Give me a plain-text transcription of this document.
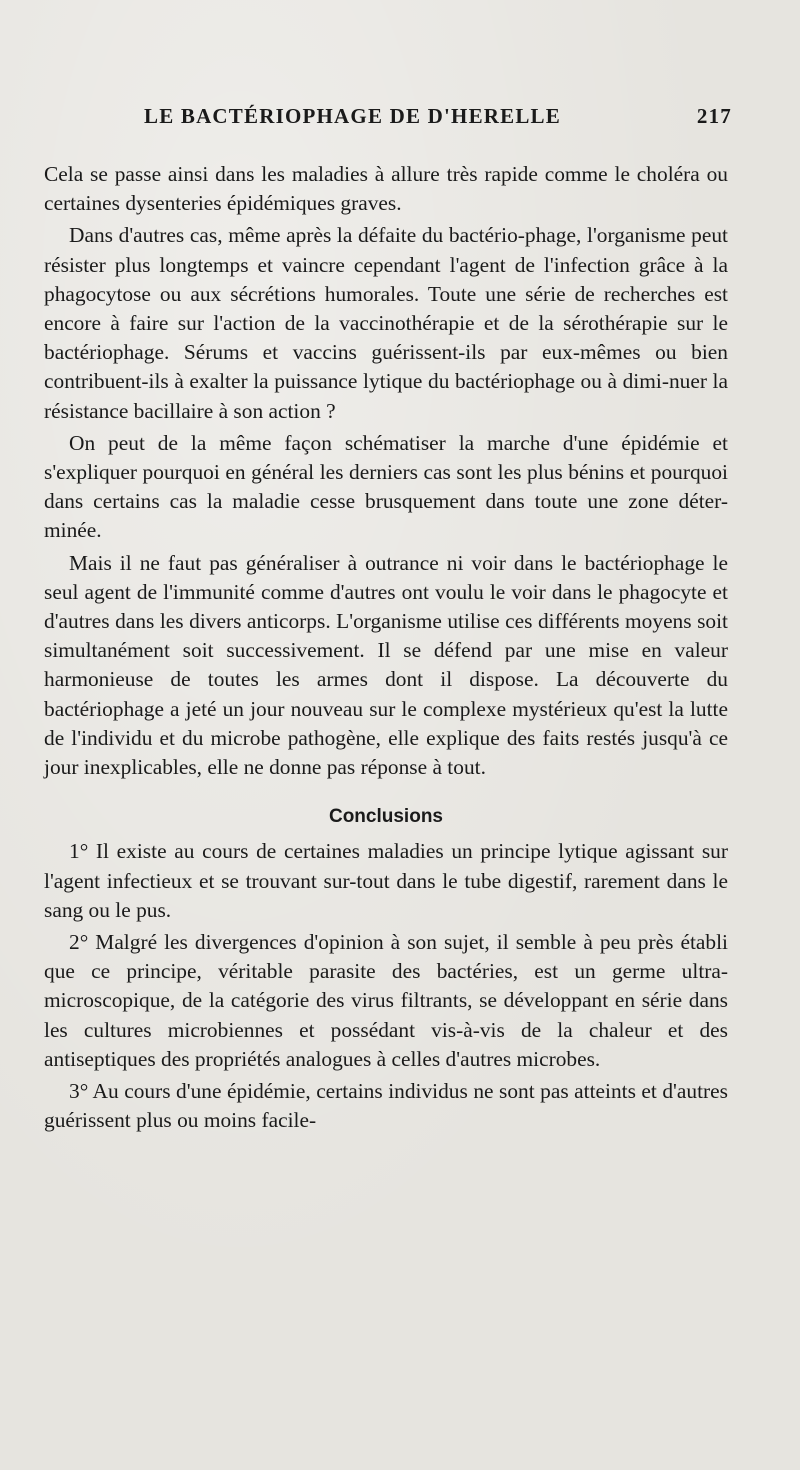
LE BACTÉRIOPHAGE DE D'HERELLE	217

Cela se passe ainsi dans les maladies à allure très rapide comme le choléra ou certaines dysenteries épidémiques graves.

Dans d'autres cas, même après la défaite du bactério-phage, l'organisme peut résister plus longtemps et vaincre cependant l'agent de l'infection grâce à la phagocytose ou aux sécrétions humorales. Toute une série de recherches est encore à faire sur l'action de la vaccinothérapie et de la sérothérapie sur le bactériophage. Sérums et vaccins guérissent-ils par eux-mêmes ou bien contribuent-ils à exalter la puissance lytique du bactériophage ou à dimi-nuer la résistance bacillaire à son action ?

On peut de la même façon schématiser la marche d'une épidémie et s'expliquer pourquoi en général les derniers cas sont les plus bénins et pourquoi dans certains cas la maladie cesse brusquement dans toute une zone déter-minée.

Mais il ne faut pas généraliser à outrance ni voir dans le bactériophage le seul agent de l'immunité comme d'autres ont voulu le voir dans le phagocyte et d'autres dans les divers anticorps. L'organisme utilise ces différents moyens soit simultanément soit successivement. Il se défend par une mise en valeur harmonieuse de toutes les armes dont il dispose. La découverte du bactériophage a jeté un jour nouveau sur le complexe mystérieux qu'est la lutte de l'individu et du microbe pathogène, elle explique des faits restés jusqu'à ce jour inexplicables, elle ne donne pas réponse à tout.

Conclusions

1° Il existe au cours de certaines maladies un principe lytique agissant sur l'agent infectieux et se trouvant sur-tout dans le tube digestif, rarement dans le sang ou le pus.

2° Malgré les divergences d'opinion à son sujet, il semble à peu près établi que ce principe, véritable parasite des bactéries, est un germe ultra-microscopique, de la catégorie des virus filtrants, se développant en série dans les cultures microbiennes et possédant vis-à-vis de la chaleur et des antiseptiques des propriétés analogues à celles d'autres microbes.

3° Au cours d'une épidémie, certains individus ne sont pas atteints et d'autres guérissent plus ou moins facile-
